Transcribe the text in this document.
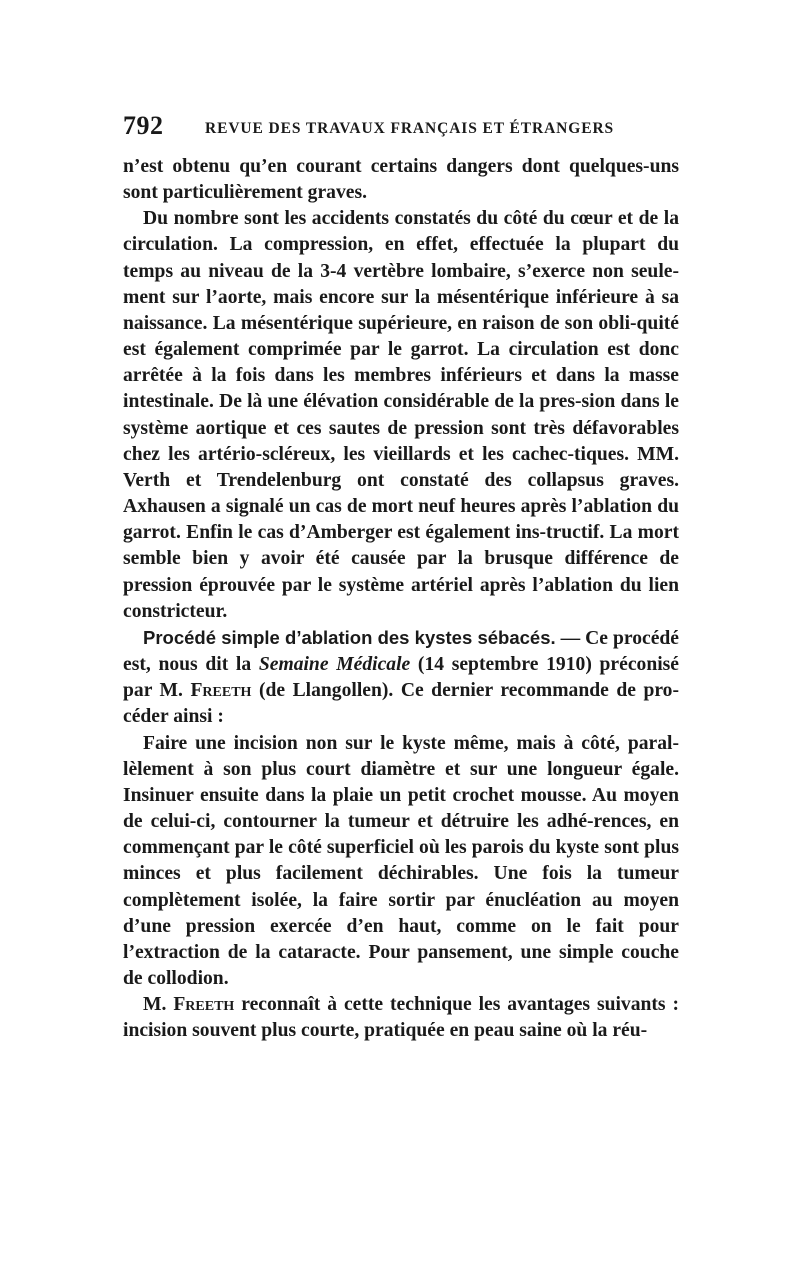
792	REVUE DES TRAVAUX FRANÇAIS ET ÉTRANGERS

n’est obtenu qu’en courant certains dangers dont quelques-uns sont particulièrement graves.

Du nombre sont les accidents constatés du côté du cœur et de la circulation. La compression, en effet, effectuée la plupart du temps au niveau de la 3-4 vertèbre lombaire, s’exerce non seule-ment sur l’aorte, mais encore sur la mésentérique inférieure à sa naissance. La mésentérique supérieure, en raison de son obli-quité est également comprimée par le garrot. La circulation est donc arrêtée à la fois dans les membres inférieurs et dans la masse intestinale. De là une élévation considérable de la pres-sion dans le système aortique et ces sautes de pression sont très défavorables chez les artério-scléreux, les vieillards et les cachec-tiques. MM. Verth et Trendelenburg ont constaté des collapsus graves. Axhausen a signalé un cas de mort neuf heures après l’ablation du garrot. Enfin le cas d’Amberger est également ins-tructif. La mort semble bien y avoir été causée par la brusque différence de pression éprouvée par le système artériel après l’ablation du lien constricteur.

Procédé simple d’ablation des kystes sébacés. — Ce procédé est, nous dit la Semaine Médicale (14 septembre 1910) préconisé par M. Freeth (de Llangollen). Ce dernier recommande de pro-céder ainsi :

Faire une incision non sur le kyste même, mais à côté, paral-lèlement à son plus court diamètre et sur une longueur égale. Insinuer ensuite dans la plaie un petit crochet mousse. Au moyen de celui-ci, contourner la tumeur et détruire les adhé-rences, en commençant par le côté superficiel où les parois du kyste sont plus minces et plus facilement déchirables. Une fois la tumeur complètement isolée, la faire sortir par énucléation au moyen d’une pression exercée d’en haut, comme on le fait pour l’extraction de la cataracte. Pour pansement, une simple couche de collodion.

M. Freeth reconnaît à cette technique les avantages suivants : incision souvent plus courte, pratiquée en peau saine où la réu-
